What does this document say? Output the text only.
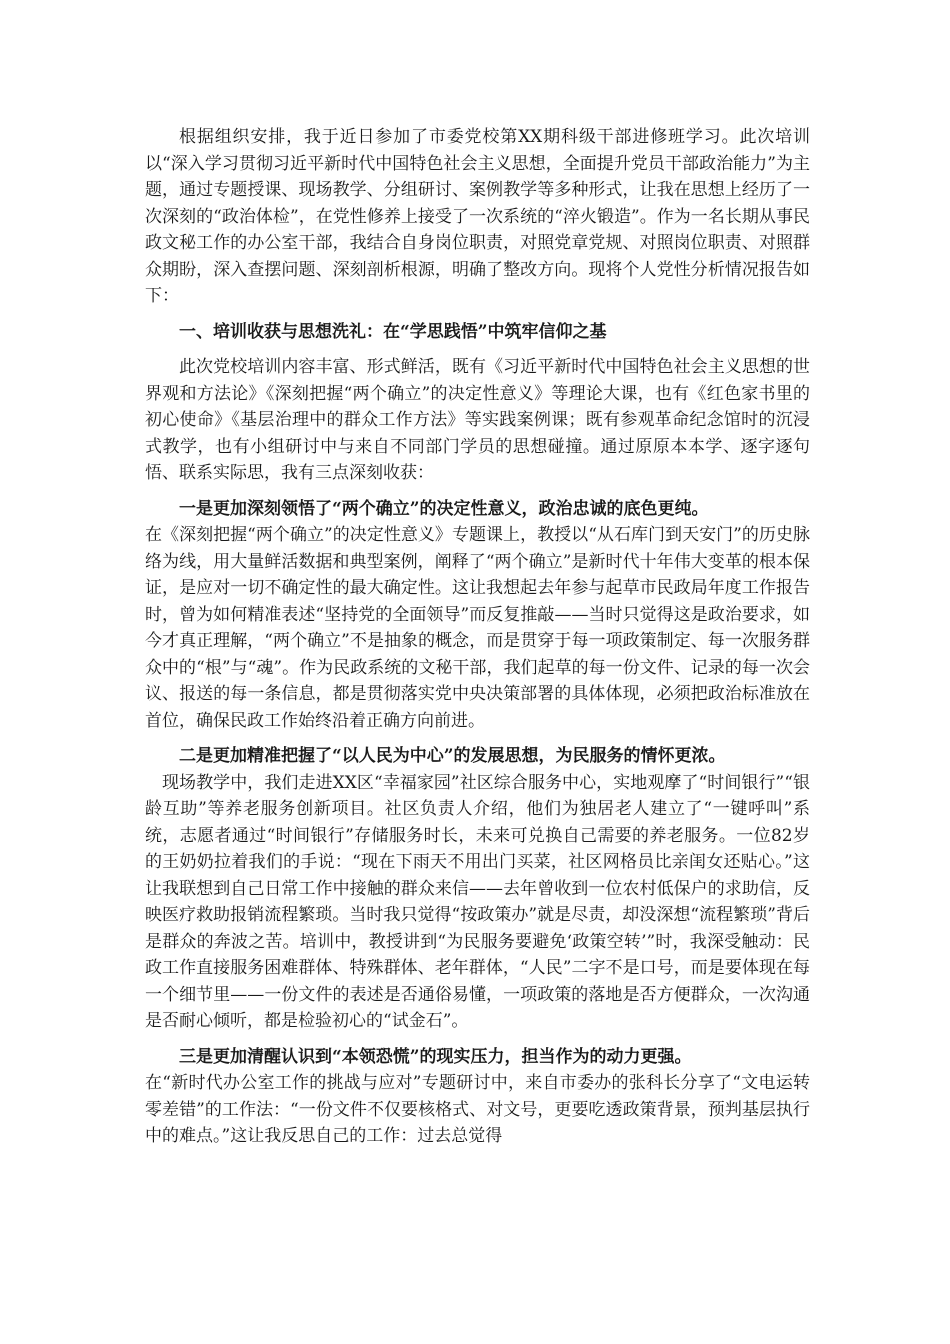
根据组织安排，我于近日参加了市委党校第XX期科级干部进修班学习。此次培训以“深入学习贯彻习近平新时代中国特色社会主义思想，全面提升党员干部政治能力”为主题，通过专题授课、现场教学、分组研讨、案例教学等多种形式，让我在思想上经历了一次深刻的“政治体检”，在党性修养上接受了一次系统的“淬火锻造”。作为一名长期从事民政文秘工作的办公室干部，我结合自身岗位职责，对照党章党规、对照岗位职责、对照群众期盼，深入查摆问题、深刻剖析根源，明确了整改方向。现将个人党性分析情况报告如下：

一、培训收获与思想洗礼：在“学思践悟”中筑牢信仰之基

此次党校培训内容丰富、形式鲜活，既有《习近平新时代中国特色社会主义思想的世界观和方法论》《深刻把握“两个确立”的决定性意义》等理论大课，也有《红色家书里的初心使命》《基层治理中的群众工作方法》等实践案例课；既有参观革命纪念馆时的沉浸式教学，也有小组研讨中与来自不同部门学员的思想碰撞。通过原原本本学、逐字逐句悟、联系实际思，我有三点深刻收获：

一是更加深刻领悟了“两个确立”的决定性意义，政治忠诚的底色更纯。
在《深刻把握“两个确立”的决定性意义》专题课上，教授以“从石库门到天安门”的历史脉络为线，用大量鲜活数据和典型案例，阐释了“两个确立”是新时代十年伟大变革的根本保证，是应对一切不确定性的最大确定性。这让我想起去年参与起草市民政局年度工作报告时，曾为如何精准表述“坚持党的全面领导”而反复推敲——当时只觉得这是政治要求，如今才真正理解，“两个确立”不是抽象的概念，而是贯穿于每一项政策制定、每一次服务群众中的“根”与“魂”。作为民政系统的文秘干部，我们起草的每一份文件、记录的每一次会议、报送的每一条信息，都是贯彻落实党中央决策部署的具体体现，必须把政治标准放在首位，确保民政工作始终沿着正确方向前进。
二是更加精准把握了“以人民为中心”的发展思想，为民服务的情怀更浓。
现场教学中，我们走进XX区“幸福家园”社区综合服务中心，实地观摩了“时间银行”“银龄互助”等养老服务创新项目。社区负责人介绍，他们为独居老人建立了“一键呼叫”系统，志愿者通过“时间银行”存储服务时长，未来可兑换自己需要的养老服务。一位82岁的王奶奶拉着我们的手说：“现在下雨天不用出门买菜，社区网格员比亲闺女还贴心。”这让我联想到自己日常工作中接触的群众来信——去年曾收到一位农村低保户的求助信，反映医疗救助报销流程繁琐。当时我只觉得“按政策办”就是尽责，却没深想“流程繁琐”背后是群众的奔波之苦。培训中，教授讲到“为民服务要避免‘政策空转’”时，我深受触动：民政工作直接服务困难群体、特殊群体、老年群体，“人民”二字不是口号，而是要体现在每一个细节里——一份文件的表述是否通俗易懂，一项政策的落地是否方便群众，一次沟通是否耐心倾听，都是检验初心的“试金石”。
三是更加清醒认识到“本领恐慌”的现实压力，担当作为的动力更强。
在“新时代办公室工作的挑战与应对”专题研讨中，来自市委办的张科长分享了“文电运转零差错”的工作法：“一份文件不仅要核格式、对文号，更要吃透政策背景，预判基层执行中的难点。”这让我反思自己的工作：过去总觉得
